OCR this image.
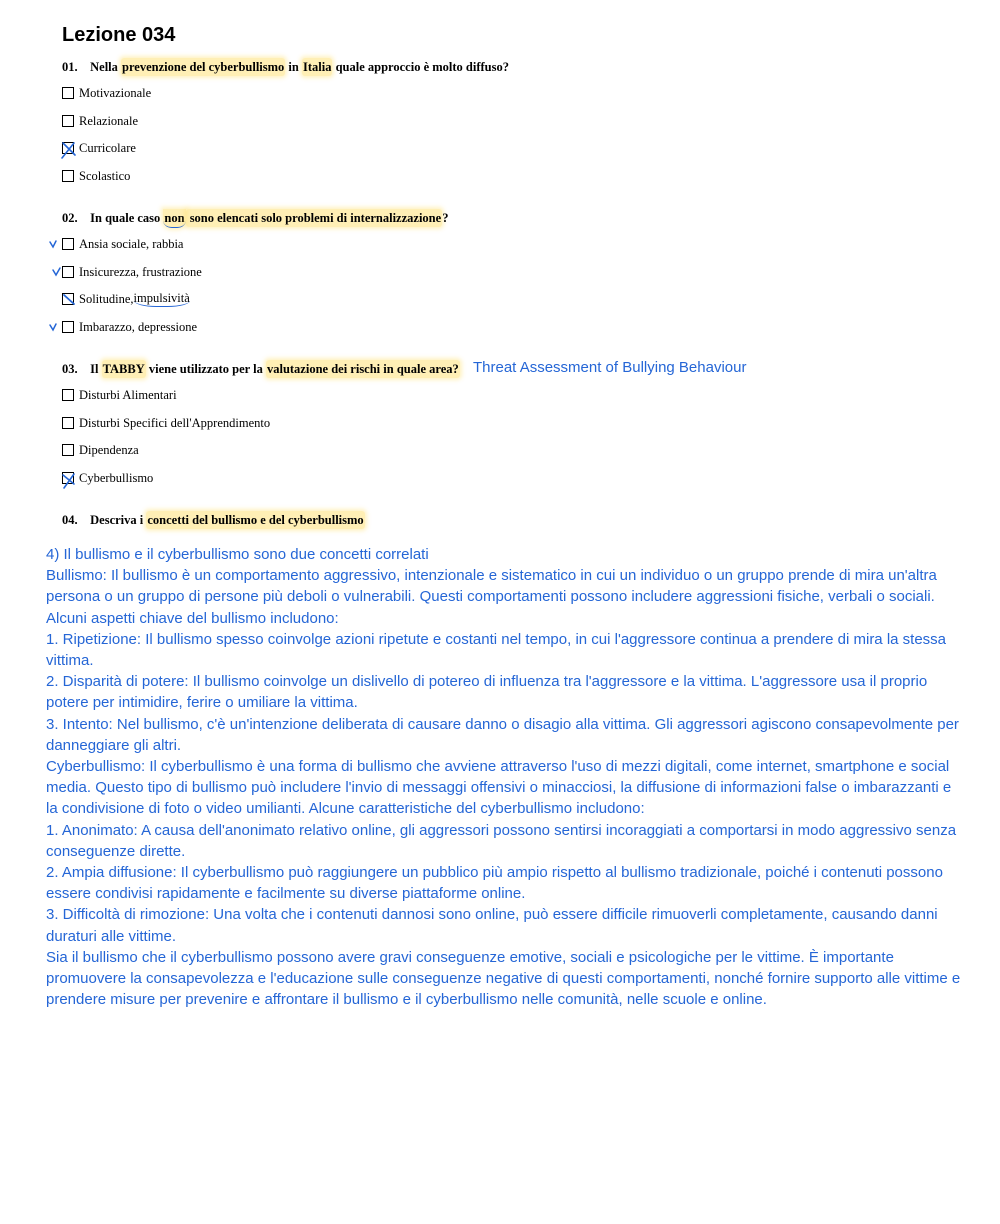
Lezione 034
01. Nella prevenzione del cyberbullismo in Italia quale approccio è molto diffuso?
Motivazionale
Relazionale
Curricolare
Scolastico
02. In quale caso non sono elencati solo problemi di internalizzazione?
Ansia sociale, rabbia
Insicurezza, frustrazione
Solitudine, impulsività
Imbarazzo, depressione
03. Il TABBY viene utilizzato per la valutazione dei rischi in quale area? Threat Assessment of Bullying Behaviour
Disturbi Alimentari
Disturbi Specifici dell'Apprendimento
Dipendenza
Cyberbullismo
04. Descriva i concetti del bullismo e del cyberbullismo

4) Il bullismo e il cyberbullismo sono due concetti correlati

Bullismo: Il bullismo è un comportamento aggressivo, intenzionale e sistematico in cui un individuo o un gruppo prende di mira un'altra persona o un gruppo di persone più deboli o vulnerabili. Questi comportamenti possono includere aggressioni fisiche, verbali o sociali. Alcuni aspetti chiave del bullismo includono:

1. Ripetizione: Il bullismo spesso coinvolge azioni ripetute e costanti nel tempo, in cui l'aggressore continua a prendere di mira la stessa vittima.

2. Disparità di potere: Il bullismo coinvolge un dislivello di potereo di influenza tra l'aggressore e la vittima. L'aggressore usa il proprio potere per intimidire, ferire o umiliare la vittima.

3. Intento: Nel bullismo, c'è un'intenzione deliberata di causare danno o disagio alla vittima. Gli aggressori agiscono consapevolmente per danneggiare gli altri.

Cyberbullismo: Il cyberbullismo è una forma di bullismo che avviene attraverso l'uso di mezzi digitali, come internet, smartphone e social media. Questo tipo di bullismo può includere l'invio di messaggi offensivi o minacciosi, la diffusione di informazioni false o imbarazzanti e la condivisione di foto o video umilianti. Alcune caratteristiche del cyberbullismo includono:

1. Anonimato: A causa dell'anonimato relativo online, gli aggressori possono sentirsi incoraggiati a comportarsi in modo aggressivo senza conseguenze dirette.

2. Ampia diffusione: Il cyberbullismo può raggiungere un pubblico più ampio rispetto al bullismo tradizionale, poiché i contenuti possono essere condivisi rapidamente e facilmente su diverse piattaforme online.

3. Difficoltà di rimozione: Una volta che i contenuti dannosi sono online, può essere difficile rimuoverli completamente, causando danni duraturi alle vittime.

Sia il bullismo che il cyberbullismo possono avere gravi conseguenze emotive, sociali e psicologiche per le vittime. È importante promuovere la consapevolezza e l'educazione sulle conseguenze negative di questi comportamenti, nonché fornire supporto alle vittime e prendere misure per prevenire e affrontare il bullismo e il cyberbullismo nelle comunità, nelle scuole e online.
